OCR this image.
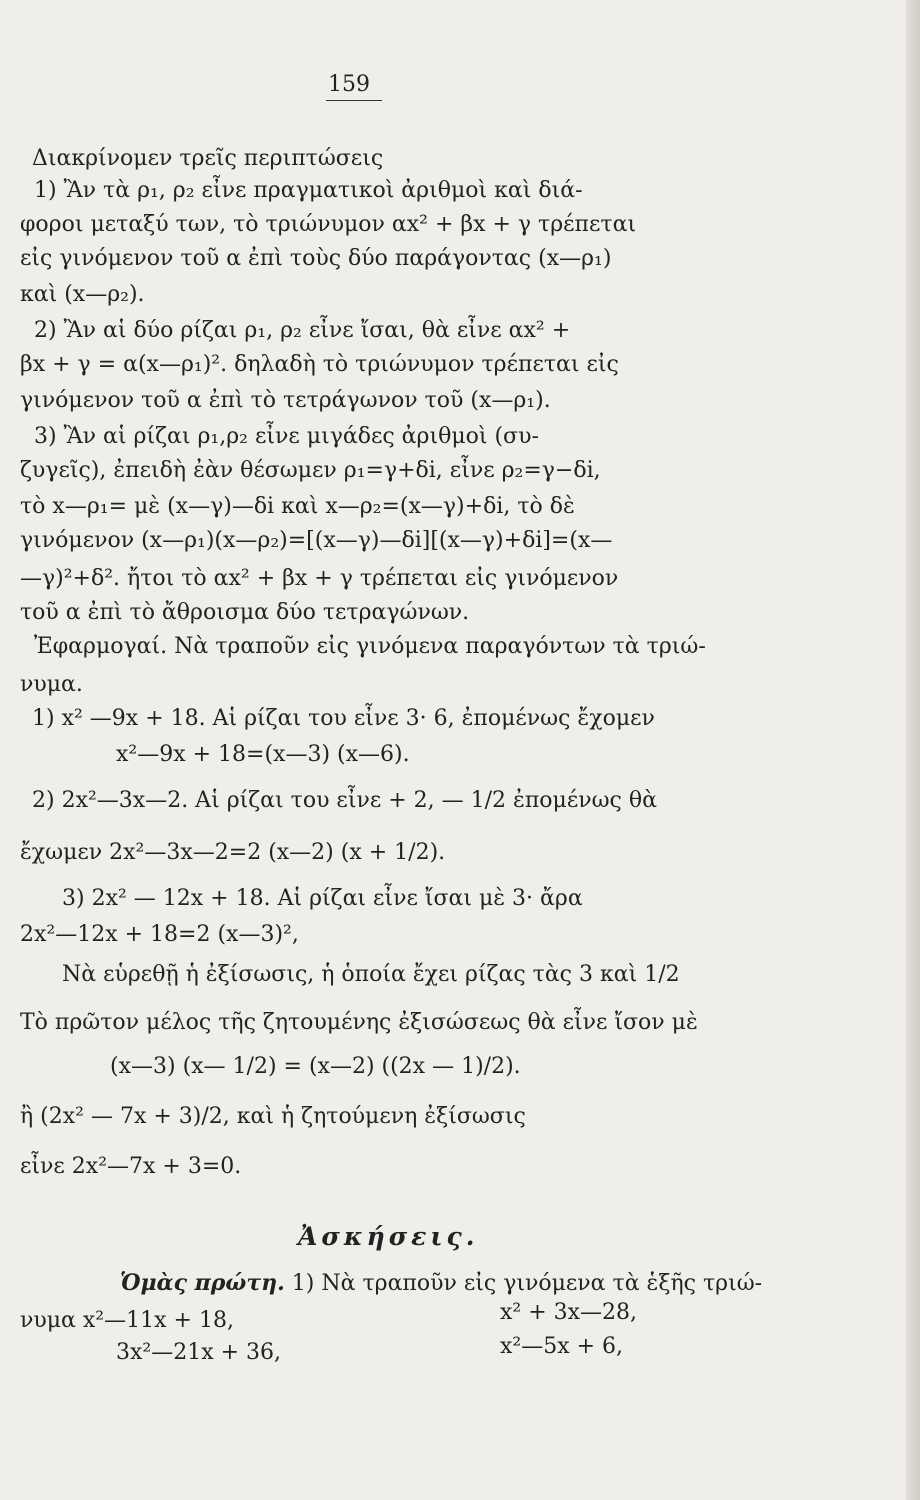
159
Διακρίνομεν τρεῖς περιπτώσεις
1) Ἂν τὰ ρ₁, ρ₂ εἶνε πραγματικοὶ ἀριθμοὶ καὶ διά-
φοροι μεταξύ των, τὸ τριώνυμον αx² + βx + γ τρέπεται
εἰς γινόμενον τοῦ α ἐπὶ τοὺς δύο παράγοντας (x—ρ₁)
καὶ (x—ρ₂).
2) Ἂν αἱ δύο ρίζαι ρ₁, ρ₂ εἶνε ἴσαι, θὰ εἶνε αx² +
βx + γ = α(x—ρ₁)². δηλαδὴ τὸ τριώνυμον τρέπεται εἰς
γινόμενον τοῦ α ἐπὶ τὸ τετράγωνον τοῦ (x—ρ₁).
3) Ἂν αἱ ρίζαι ρ₁,ρ₂ εἶνε μιγάδες ἀριθμοὶ (συ-
ζυγεῖς), ἐπειδὴ ἐὰν θέσωμεν ρ₁=γ+δi, εἶνε ρ₂=γ−δi,
τὸ x—ρ₁= μὲ (x—γ)—δi καὶ x—ρ₂=(x—γ)+δi, τὸ δὲ
γινόμενον (x—ρ₁)(x—ρ₂)=[(x—γ)—δi][(x—γ)+δi]=(x—
—γ)²+δ². ἤτοι τὸ αx² + βx + γ τρέπεται εἰς γινόμενον
τοῦ α ἐπὶ τὸ ἄθροισμα δύο τετραγώνων.
Ἐφαρμογαί. Νὰ τραποῦν εἰς γινόμενα παραγόντων τὰ τριώ-
νυμα.
1) x² —9x + 18. Αἱ ρίζαι του εἶνε 3· 6, ἐπομένως ἔχομεν
x²—9x + 18=(x—3) (x—6).
2) 2x²—3x—2. Αἱ ρίζαι του εἶνε + 2, — 1/2 ἐπομένως θὰ
ἔχωμεν 2x²—3x—2=2 (x—2) (x + 1/2).
3) 2x² — 12x + 18. Αἱ ρίζαι εἶνε ἴσαι μὲ 3· ἄρα
2x²—12x + 18=2 (x—3)²,
Νὰ εὑρεθῇ ἡ ἐξίσωσις, ἡ ὁποία ἔχει ρίζας τὰς 3 καὶ 1/2
Τὸ πρῶτον μέλος τῆς ζητουμένης ἐξισώσεως θὰ εἶνε ἴσον μὲ
(x—3) (x— 1/2) = (x—2) ((2x — 1)/2).
ἢ (2x² — 7x + 3)/2, καὶ ἡ ζητούμενη ἐξίσωσις
εἶνε 2x²—7x + 3=0.
Ἀσκήσεις.
Ὁμὰς πρώτη. 1) Νὰ τραποῦν εἰς γινόμενα τὰ ἑξῆς τριώ-
νυμα x²—11x + 18,	x² + 3x—28,
3x²—21x + 36,	x²—5x + 6,
